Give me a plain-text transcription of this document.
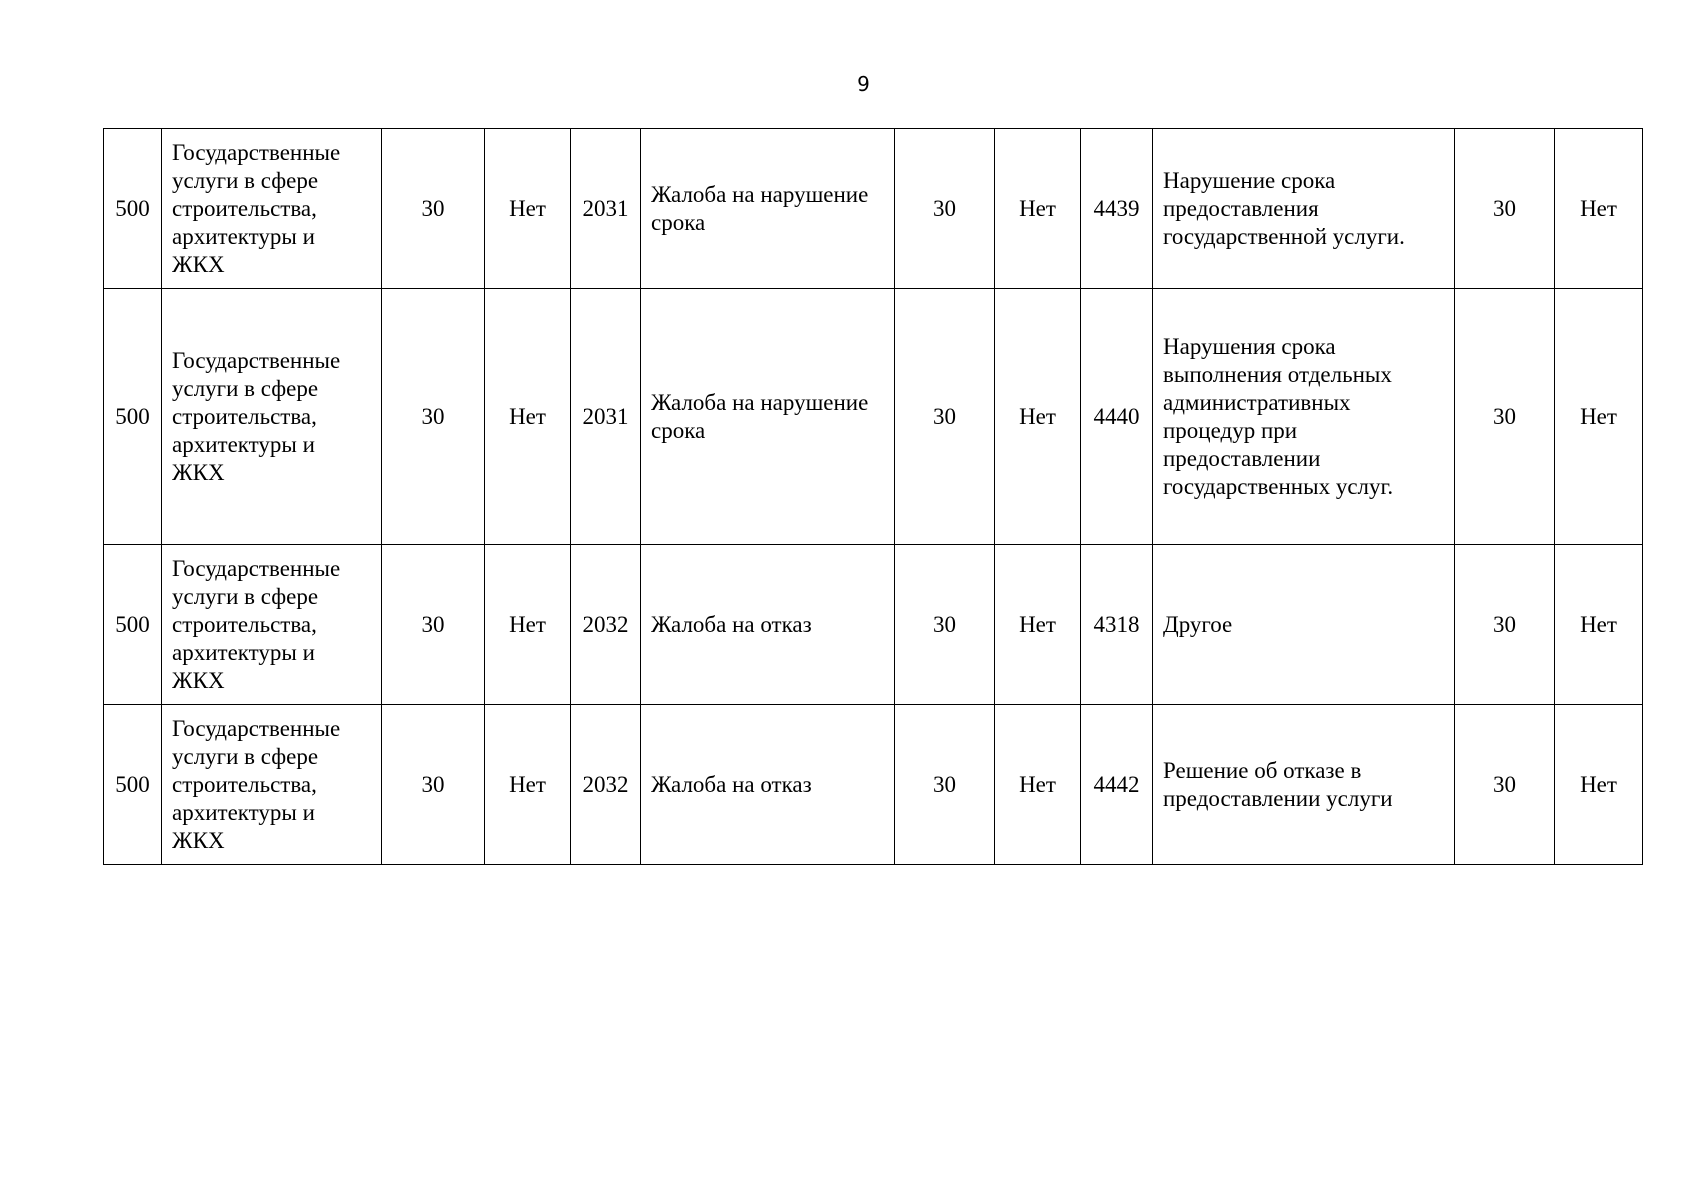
9
500	Государственные услуги в сфере строительства, архитектуры и ЖКХ	30	Нет	2031	Жалоба на нарушение срока	30	Нет	4439	Нарушение срока предоставления государственной услуги.	30	Нет
500	Государственные услуги в сфере строительства, архитектуры и ЖКХ	30	Нет	2031	Жалоба на нарушение срока	30	Нет	4440	Нарушения срока выполнения отдельных административных процедур при предоставлении государственных услуг.	30	Нет
500	Государственные услуги в сфере строительства, архитектуры и ЖКХ	30	Нет	2032	Жалоба на отказ	30	Нет	4318	Другое	30	Нет
500	Государственные услуги в сфере строительства, архитектуры и ЖКХ	30	Нет	2032	Жалоба на отказ	30	Нет	4442	Решение об отказе в предоставлении услуги	30	Нет
